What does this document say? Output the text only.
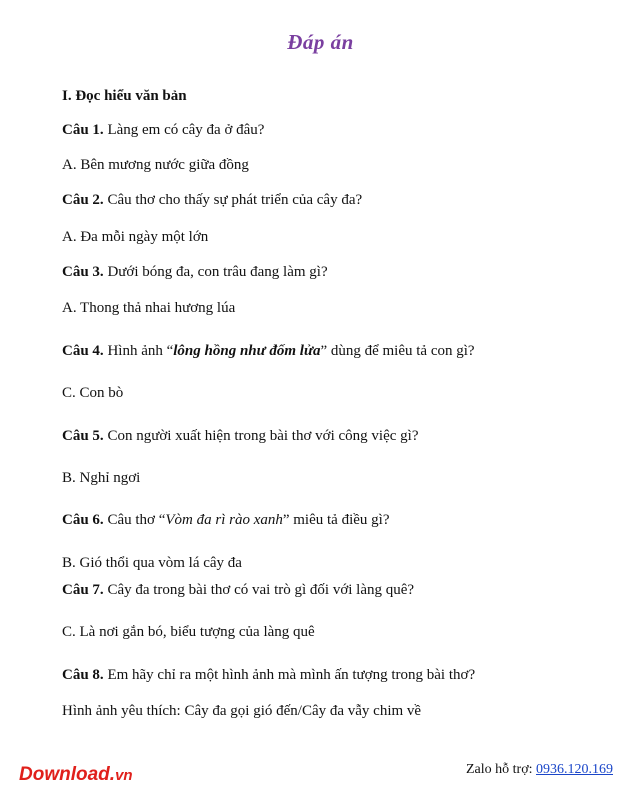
Đáp án
I. Đọc hiểu văn bản
Câu 1. Làng em có cây đa ở đâu?
A. Bên mương nước giữa đồng
Câu 2. Câu thơ cho thấy sự phát triển của cây đa?
A. Đa mỗi ngày một lớn
Câu 3. Dưới bóng đa, con trâu đang làm gì?
A. Thong thả nhai hương lúa
Câu 4. Hình ảnh “lông hồng như đốm lửa” dùng để miêu tả con gì?
C. Con bò
Câu 5. Con người xuất hiện trong bài thơ với công việc gì?
B. Nghỉ ngơi
Câu 6. Câu thơ “Vòm đa rì rào xanh” miêu tả điều gì?
B. Gió thổi qua vòm lá cây đa
Câu 7. Cây đa trong bài thơ có vai trò gì đối với làng quê?
C. Là nơi gắn bó, biểu tượng của làng quê
Câu 8. Em hãy chỉ ra một hình ảnh mà mình ấn tượng trong bài thơ?
Hình ảnh yêu thích: Cây đa gọi gió đến/Cây đa vẫy chim về
Download.vn	Zalo hỗ trợ: 0936.120.169
